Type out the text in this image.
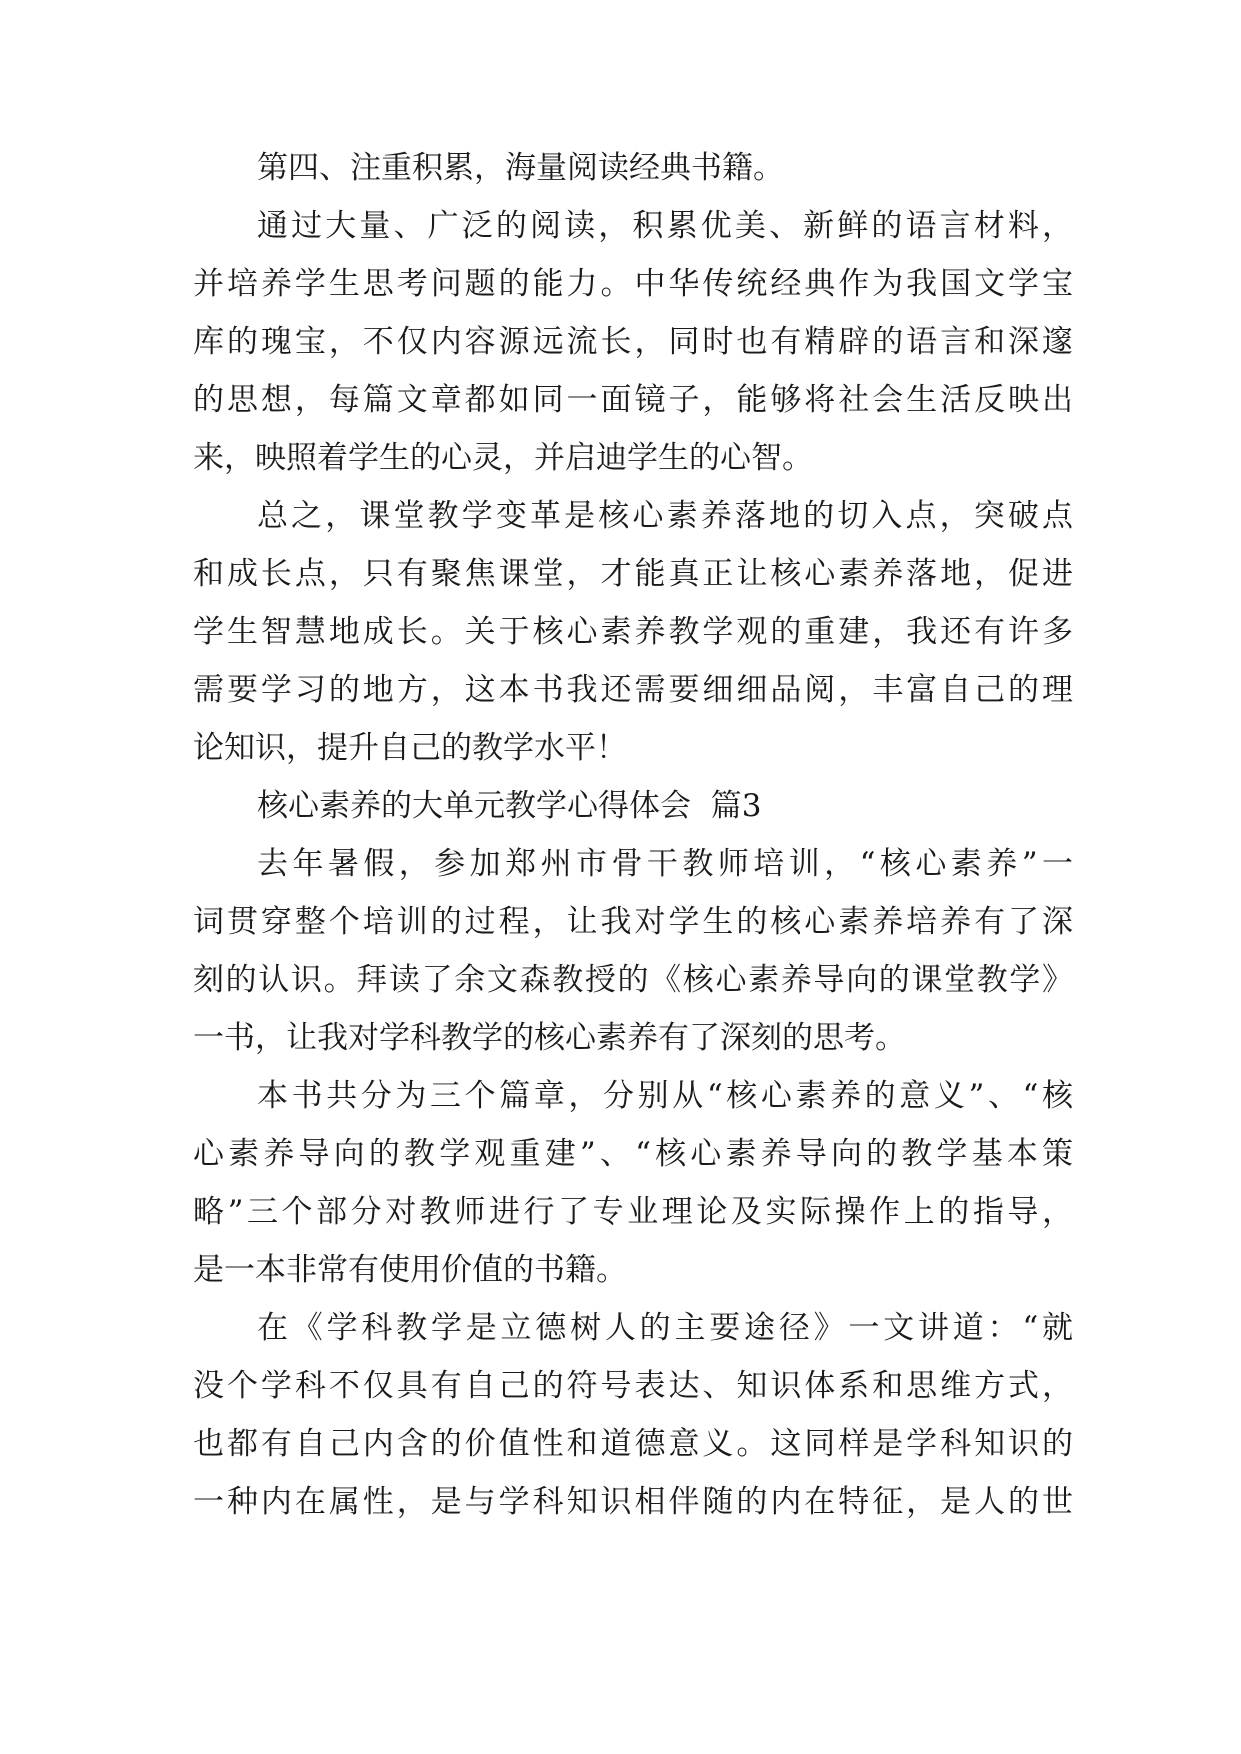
第四、注重积累，海量阅读经典书籍。
通过大量、广泛的阅读，积累优美、新鲜的语言材料，
并培养学生思考问题的能力。中华传统经典作为我国文学宝
库的瑰宝，不仅内容源远流长，同时也有精辟的语言和深邃
的思想，每篇文章都如同一面镜子，能够将社会生活反映出
来，映照着学生的心灵，并启迪学生的心智。
总之，课堂教学变革是核心素养落地的切入点，突破点
和成长点，只有聚焦课堂，才能真正让核心素养落地，促进
学生智慧地成长。关于核心素养教学观的重建，我还有许多
需要学习的地方，这本书我还需要细细品阅，丰富自己的理
论知识，提升自己的教学水平！
核心素养的大单元教学心得体会  篇3
去年暑假，参加郑州市骨干教师培训，“核心素养”一
词贯穿整个培训的过程，让我对学生的核心素养培养有了深
刻的认识。拜读了余文森教授的《核心素养导向的课堂教学》
一书，让我对学科教学的核心素养有了深刻的思考。
本书共分为三个篇章，分别从“核心素养的意义”、“核
心素养导向的教学观重建”、“核心素养导向的教学基本策
略”三个部分对教师进行了专业理论及实际操作上的指导，
是一本非常有使用价值的书籍。
在《学科教学是立德树人的主要途径》一文讲道：“就
没个学科不仅具有自己的符号表达、知识体系和思维方式，
也都有自己内含的价值性和道德意义。这同样是学科知识的
一种内在属性，是与学科知识相伴随的内在特征，是人的世
